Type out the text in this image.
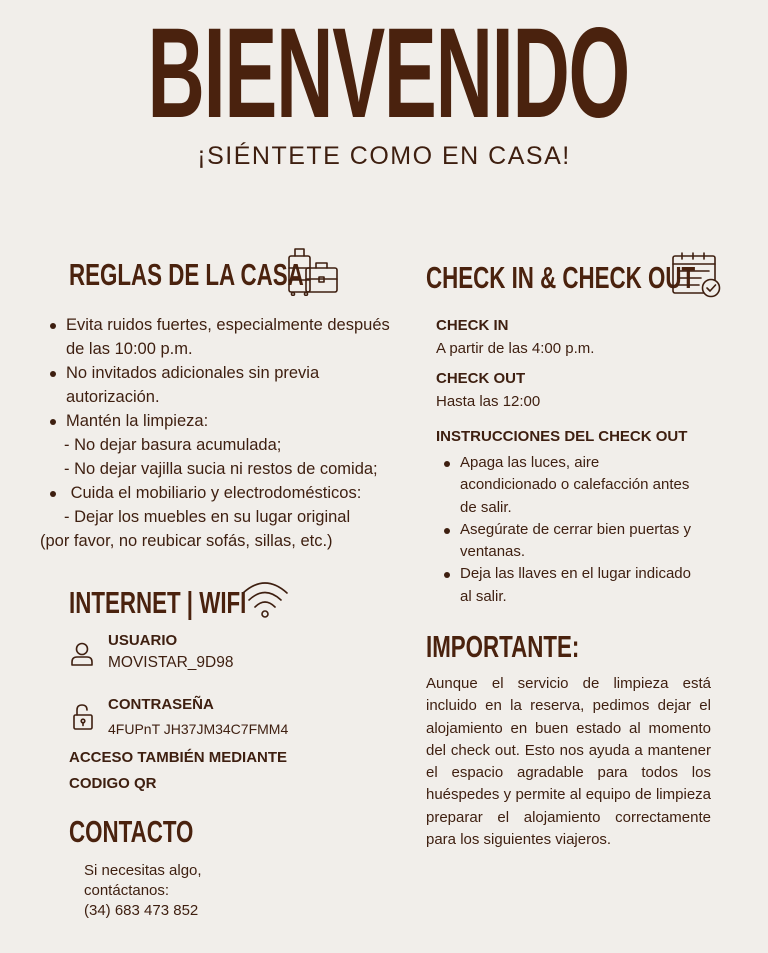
BIENVENIDO
¡SIÉNTETE COMO EN CASA!
REGLAS DE LA CASA
Evita ruidos fuertes, especialmente después
de las 10:00 p.m.
No invitados adicionales sin previa
autorización.
Mantén la limpieza:
- No dejar basura acumulada;
- No dejar vajilla sucia ni restos de comida;
Cuida el mobiliario y electrodomésticos:
- Dejar los muebles en su lugar original
(por favor, no reubicar sofás, sillas, etc.)
INTERNET | WIFI
USUARIO
MOVISTAR_9D98
CONTRASEÑA
4FUPnT JH37JM34C7FMM4
ACCESO TAMBIÉN MEDIANTE
CODIGO QR
CONTACTO
Si necesitas algo,
contáctanos:
(34) 683 473 852
CHECK IN & CHECK OUT
CHECK IN
A partir de las 4:00 p.m.
CHECK OUT
Hasta las 12:00
INSTRUCCIONES DEL CHECK OUT
Apaga las luces, aire
acondicionado o calefacción antes
de salir.
Asegúrate de cerrar bien puertas y
ventanas.
Deja las llaves en el lugar indicado
al salir.
IMPORTANTE:
Aunque el servicio de limpieza está incluido en la reserva, pedimos dejar el alojamiento en buen estado al momento del check out. Esto nos ayuda a mantener el espacio agradable para todos los huéspedes y permite al equipo de limpieza preparar el alojamiento correctamente para los siguientes viajeros.
